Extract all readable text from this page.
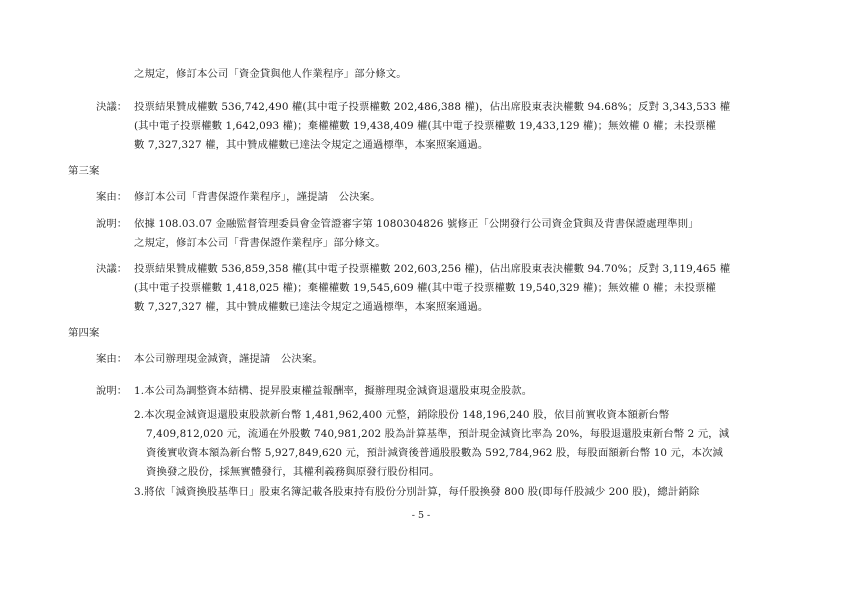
之規定，修訂本公司「資金貸與他人作業程序」部分條文。
決議： 投票結果贊成權數 536,742,490 權(其中電子投票權數 202,486,388 權)，佔出席股東表決權數 94.68%；反對 3,343,533 權
(其中電子投票權數 1,642,093 權)；棄權權數 19,438,409 權(其中電子投票權數 19,433,129 權)；無效權 0 權；未投票權
數 7,327,327 權，其中贊成權數已達法令規定之通過標準，本案照案通過。
第三案
案由： 修訂本公司「背書保證作業程序」，謹提請　公決案。
說明： 依據 108.03.07 金融監督管理委員會金管證審字第 1080304826 號修正「公開發行公司資金貸與及背書保證處理準則」
之規定，修訂本公司「背書保證作業程序」部分條文。
決議： 投票結果贊成權數 536,859,358 權(其中電子投票權數 202,603,256 權)，佔出席股東表決權數 94.70%；反對 3,119,465 權
(其中電子投票權數 1,418,025 權)；棄權權數 19,545,609 權(其中電子投票權數 19,540,329 權)；無效權 0 權；未投票權
數 7,327,327 權，其中贊成權數已達法令規定之通過標準，本案照案通過。
第四案
案由： 本公司辦理現金減資，謹提請　公決案。
說明： 1.本公司為調整資本結構、提昇股東權益報酬率，擬辦理現金減資退還股東現金股款。
2.本次現金減資退還股東股款新台幣 1,481,962,400 元整，銷除股份 148,196,240 股，依目前實收資本額新台幣
7,409,812,020 元，流通在外股數 740,981,202 股為計算基準，預計現金減資比率為 20%，每股退還股東新台幣 2 元，減
資後實收資本額為新台幣 5,927,849,620 元，預計減資後普通股股數為 592,784,962 股，每股面額新台幣 10 元，本次減
資換發之股份，採無實體發行，其權利義務與原發行股份相同。
3.將依「減資換股基準日」股東名簿記載各股東持有股份分別計算，每仟股換發 800 股(即每仟股減少 200 股)，總計銷除
- 5 -
